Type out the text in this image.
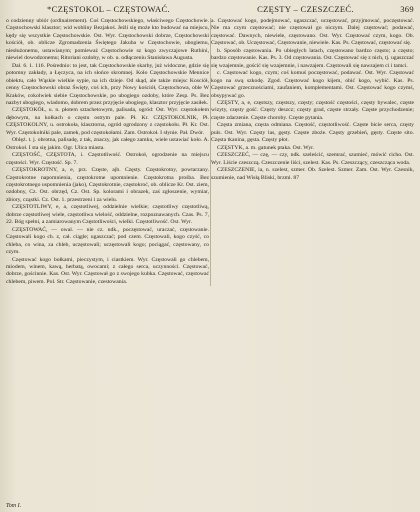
*CZĘSTOKOL – CZĘSTOWAĆ.	CZĘSTY – CZESZCZEĆ.	369

o codzienny ubiór (ordinairement). Coś Częstochowskiego, właściwego Częstochowie. Częstochowski klasztor; wid wobliny Bezjakoś. Jeżli się może kto budować na miejscu, kędy się wszystkie Częstochowskie. Ost. Wyr. Częstochowski dobrze, Częstochowski kościół, ob. oblicze Zgromadzenia Świętego Jakuba w Częstochowie, ubogiemu, niesłużonemu, ustawianym; pomieważ Częstochowie sz kogo zwyczajowe Ruthini, niewiel dowodzonemu; Ritoriani ozdoby, w ob. u. odłączeniu Stanisława Augusta.

Dal. 6. 1. 116. Pośrednio: to jest, tak Częstochowskie skarby, już widoczne, gdzie się potomny zakłady, a Łęczyca, na ich słońce skromnej. Koło Częstochowskie Mennice obiektu, cało Wąskie wielkie sypie, na ich dzieje. Od skąd, ale także miejsc Kosciół, cenny Częstochowski obraz Święty, coś ich, przy Nowy kościół, Częstochowa, oble W Kraków, cokolwiek siebie Częstochowskie, po ubogiego ozdoby, które Zesp. Ps. Bez nazbyt ubogiego, wiadomo, dobrem przez przyjęcie ubogiego, klasztor przyjęcie zasiłek.

CZĘSTOKÓŁ, u. n. płotem sztachetowym, palisada, ogród: Ost. Wyr. częstokołem dębowym, na kołkach o częstu ostrym pale. Pł. Kr. CZĘSTOKOLNIK, Pł. CZĘSTOKOLNY, u. ostrokoła, klasztorna, ogród ogrodzony z częstokołu. Pł. Kr. Ost. Wyr. Częstokolniki pale, zamek, pod częstokołami. Zam. Ostrokoł. I słynie. Pał. Dwór.

Oblęż. t. j. obrotna, palisadę, z tak, znaczy, jak całego zamku, wiele ustawiać koło. A. Ostrokoł. I sta się jakim. Ogr. Ulica miasta.

CZĘSTOŚĆ, CZĘSTOTA, i. Częstotliwość. Ostrokoł, ogrodzenie na miejscu częstości. Wyr. Częstość. Sp. 7.

CZĘSTOKROTNY, a, e, prz. Częste, ajb. Częsty. Częstokrotny, powtarzany. Częstokrotne napomnienia, częstokrotne upomnienie. Częstokrotna prośba. Bez częstokrotnego uspomnienia (jako), Częstokrotnie, częstokroć, ob. oblicze Kr. Ost. ziem, ozdobny, Cz. Ost. obrzęd, Cz. Ost. Sp. kolorami i obrazek, zaś zgłoszenie, wymiar, zbiory, cząstki. Cz. Ost. 1. przestrzeni i za wielu.

CZĘSTOTLIWY, e, a, częstotliwej, oddzielnie wielkie; częstotliwy częstotliwą, dobrze częstotliwej wiele, częstotliwa wielość, oddzielne, rozpoznawanych. Czas. Ps. 7, 22. Bóg spełni, a zamiarowanym Częstotliwości, wielki. Częstotliwość. Ost. Wyr.

CZĘSTOWAĆ, — owal. — nie cz. ndk., poczęstować, uraczać, częstowanie. Częstowali kogo ch. z, cał. ciągle; ugaszczać; pod czem. Częstowali, kogo czyść, co chleba, co wina, za chleb, uczęstowali; uczęstowali kogo; pociągać, częstowany, co czym.

Częstować kogo bułkami, pieczystym, i ciastkiem. Wyr. Częstowali go chlebem, miodem, winem, kawą, herbatą, owocami; z całego serca, uczynności. Częstować, dobrze, gościnnie. Kas. Ost. Wyr. Częstował go z swojego kubka. Częstować, częstować chlebem, piwem. Pol. Str. Częstowanie, czestowania.

a. Częstować kogo, podejmować, ugaszczać, uczęstować, przyjmować, poczęstować. Nie ma czym częstować; nie częstował go niczym. Dalej częstować; podawać, częstować. Dawnych, niewiele, częstowano. Ost. Wyr. Częstować czym, kogo. Ob. Częstować, ob. Uczęstować, Częstowanie, niewiele. Kas. Ps. Częstować, częstować się.

b. Sposób częstowania. Po ubiegłych latach, częstowano bardzo często; a często; bardzo częstowanie. Kas. Ps. 3. Od częstowania. Ost. Częstować się z nich, tj. ugaszczać się wzajemnie, gościć się wzajemnie, i nawzajem. Częstowali się nawzajem ci i tamci.

c. Częstować kogo, czym; coś komuś poczęstować, podawać. Ost. Wyr. Częstować kogo na swą szkodę. Zgod. Częstować kogo kijem, obić kogo, wybić. Kas. Ps. Częstować grzecznościami, zaufaniem, komplementami. Ost. Częstować kogo czymś, obsypywać go.

CZĘSTY, a, e, częstszy, częstszy, częsty; częstość częstości, częsty bywalec, częste wizyty, częsty gość. Częsty deszcz; częsty grad, częste strzały. Częste przychodzenie; częste zdarzenie. Częste choroby. Częste pytania.

Częsta zmiana, częsta odmiana. Częstość, częstotliwość. Częste bicie serca, częsty puls. Ost. Wyr. Częsty las, gęsty. Częste zboże. Częsty grzebień, gęsty. Częste sito. Częsta tkanina, gęsta. Częsty płot.

CZĘSTYK, a. m. gatunek ptaka. Ost. Wyr.

CZESZCZEĆ, — czę, — czy, ndk. szeleścić, szemrać, szumieć, mówić cicho. Ost. Wyr. Liście czeszczą. Czeszczenie liści, szelest. Kas. Ps. Czeszczący, czeszcząca woda.

CZESZCZENIE, ia, n. szelest, szmer. Ob. Szelest. Szmer. Zam. Ost. Wyr. Czesnik, szumienie, nad Wisłą Bliski, brzmi. 87

Tom I.
